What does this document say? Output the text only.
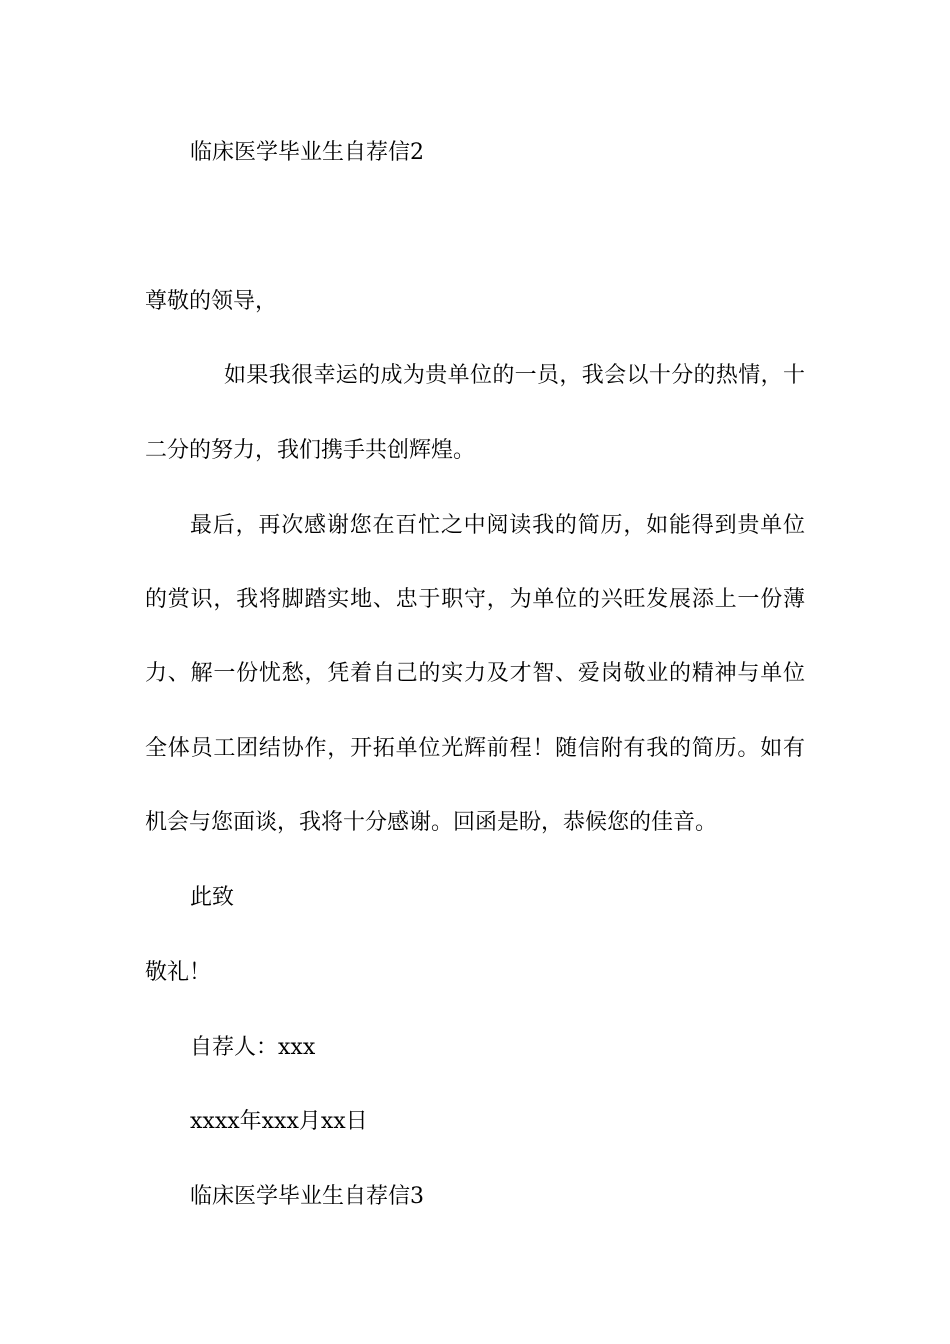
临床医学毕业生自荐信2
尊敬的领导，
如果我很幸运的成为贵单位的一员，我会以十分的热情，十
二分的努力，我们携手共创辉煌。
最后，再次感谢您在百忙之中阅读我的简历，如能得到贵单位
的赏识，我将脚踏实地、忠于职守，为单位的兴旺发展添上一份薄
力、解一份忧愁，凭着自己的实力及才智、爱岗敬业的精神与单位
全体员工团结协作，开拓单位光辉前程！随信附有我的简历。如有
机会与您面谈，我将十分感谢。回函是盼，恭候您的佳音。
此致
敬礼！
自荐人：xxx
xxxx年xxx月xx日
临床医学毕业生自荐信3
